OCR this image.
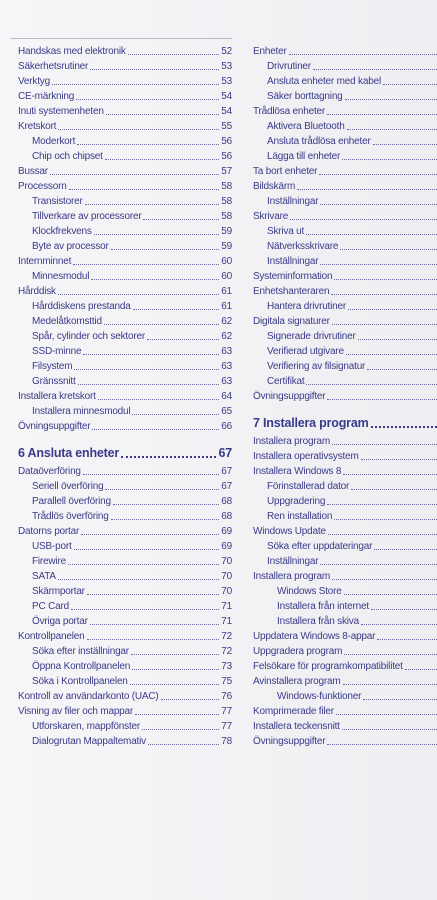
Handskas med elektronik	52
Säkerhetsrutiner	53
Verktyg	53
CE-märkning	54
Inuti systemenheten	54
Kretskort	55
Moderkort	56
Chip och chipset	56
Bussar	57
Processorn	58
Transistorer	58
Tillverkare av processorer	58
Klockfrekvens	59
Byte av processor	59
Internminnet	60
Minnesmodul	60
Hårddisk	61
Hårddiskens prestanda	61
Medelåtkomsttid	62
Spår, cylinder och sektorer	62
SSD-minne	63
Filsystem	63
Gränssnitt	63
Installera kretskort	64
Installera minnesmodul	65
Övningsuppgifter	66
6 Ansluta enheter	67
Dataöverföring	67
Seriell överföring	67
Parallell överföring	68
Trådlös överföring	68
Datorns portar	69
USB-port	69
Firewire	70
SATA	70
Skärmportar	70
PC Card	71
Övriga portar	71
Kontrollpanelen	72
Söka efter inställningar	72
Öppna Kontrollpanelen	73
Söka i Kontrollpanelen	75
Kontroll av användarkonto (UAC)	76
Visning av filer och mappar	77
Utforskaren, mappfönster	77
Dialogrutan Mappaltemativ	78
Enheter
Drivrutiner
Ansluta enheter med kabel
Säker borttagning
Trådlösa enheter
Aktivera Bluetooth
Ansluta trådlösa enheter
Lägga till enheter
Ta bort enheter
Bildskärm
Inställningar
Skrivare
Skriva ut
Nätverksskrivare
Inställningar
Systeminformation
Enhetshanteraren
Hantera drivrutiner
Digitala signaturer
Signerade drivrutiner
Verifierad utgivare
Verifiering av filsignatur
Certifikat
Övningsuppgifter
7 Installera program
Installera program
Installera operativsystem
Installera Windows 8
Förinstallerad dator
Uppgradering
Ren installation
Windows Update
Söka efter uppdateringar
Inställningar
Installera program
Windows Store
Installera från internet
Installera från skiva
Uppdatera Windows 8-appar
Uppgradera program
Felsökare för programkompatibilitet
Avinstallera program
Windows-funktioner
Komprimerade filer
Installera teckensnitt
Övningsuppgifter
